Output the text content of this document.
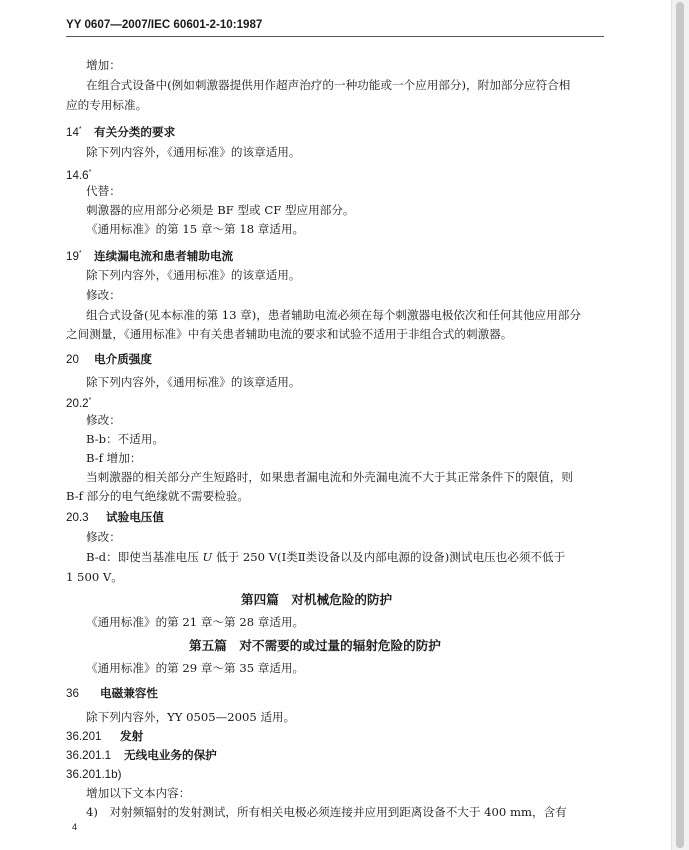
YY 0607—2007/IEC 60601-2-10:1987
增加：
在组合式设备中(例如刺激器提供用作超声治疗的一种功能或一个应用部分)，附加部分应符合相
应的专用标准。
14* 有关分类的要求
除下列内容外，《通用标准》的该章适用。
14.6*
代替：
刺激器的应用部分必须是 BF 型或 CF 型应用部分。
《通用标准》的第 15 章～第 18 章适用。
19* 连续漏电流和患者辅助电流
除下列内容外，《通用标准》的该章适用。
修改：
组合式设备(见本标准的第 13 章)，患者辅助电流必须在每个刺激器电极依次和任何其他应用部分
之间测量，《通用标准》中有关患者辅助电流的要求和试验不适用于非组合式的刺激器。
20 电介质强度
除下列内容外，《通用标准》的该章适用。
20.2*
修改：
B-b：不适用。
B-f 增加：
当刺激器的相关部分产生短路时，如果患者漏电流和外壳漏电流不大于其正常条件下的限值，则
B-f 部分的电气绝缘就不需要检验。
20.3 试验电压值
修改：
B-d：即使当基准电压 U 低于 250 V(Ⅰ类Ⅱ类设备以及内部电源的设备)测试电压也必须不低于
1 500 V。
第四篇　对机械危险的防护
《通用标准》的第 21 章～第 28 章适用。
第五篇　对不需要的或过量的辐射危险的防护
《通用标准》的第 29 章～第 35 章适用。
36 电磁兼容性
除下列内容外，YY 0505—2005 适用。
36.201 发射
36.201.1 无线电业务的保护
36.201.1b)
增加以下文本内容：
4)　对射频辐射的发射测试，所有相关电极必须连接并应用到距离设备不大于 400 mm，含有
4
